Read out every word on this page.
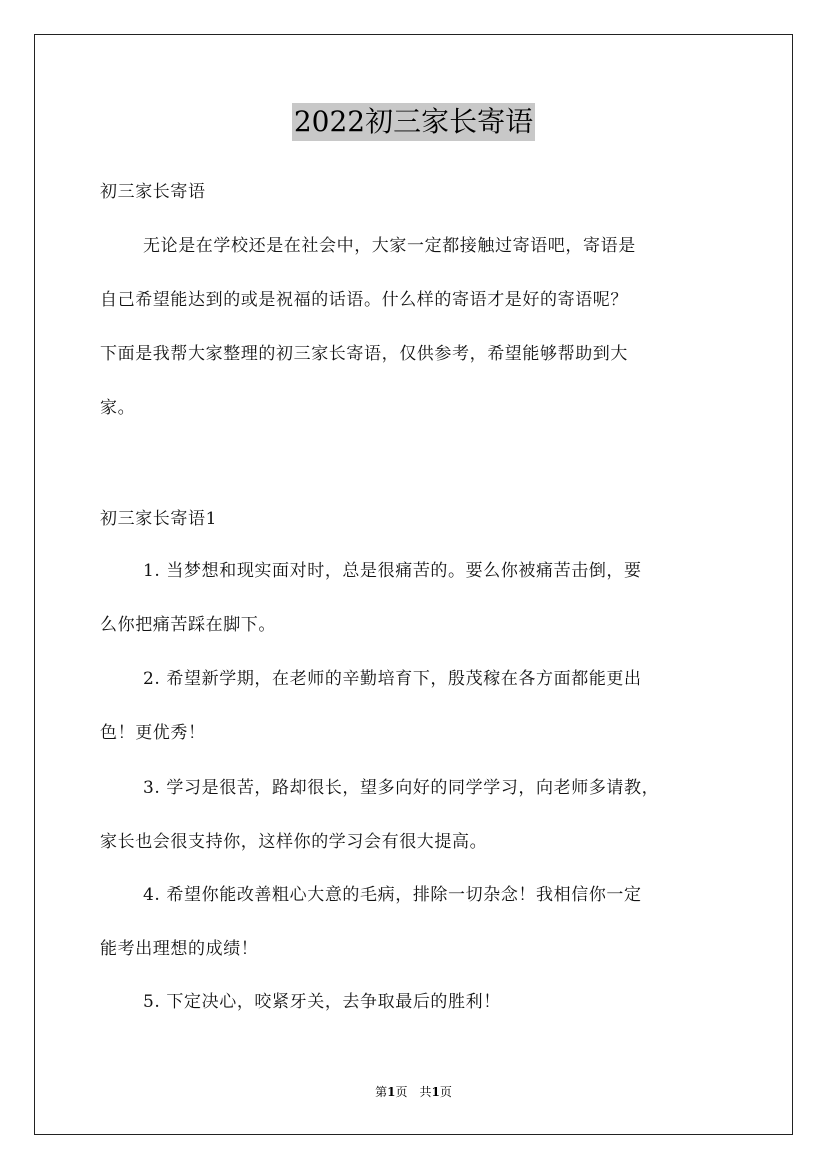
2022初三家长寄语
初三家长寄语
无论是在学校还是在社会中，大家一定都接触过寄语吧，寄语是
自己希望能达到的或是祝福的话语。什么样的寄语才是好的寄语呢？
下面是我帮大家整理的初三家长寄语，仅供参考，希望能够帮助到大
家。
初三家长寄语1
1. 当梦想和现实面对时，总是很痛苦的。要么你被痛苦击倒，要
么你把痛苦踩在脚下。
2. 希望新学期，在老师的辛勤培育下，殷茂稼在各方面都能更出
色！更优秀！
3. 学习是很苦，路却很长，望多向好的同学学习，向老师多请教，
家长也会很支持你，这样你的学习会有很大提高。
4. 希望你能改善粗心大意的毛病，排除一切杂念！我相信你一定
能考出理想的成绩！
5. 下定决心，咬紧牙关，去争取最后的胜利！
第1页　共1页
